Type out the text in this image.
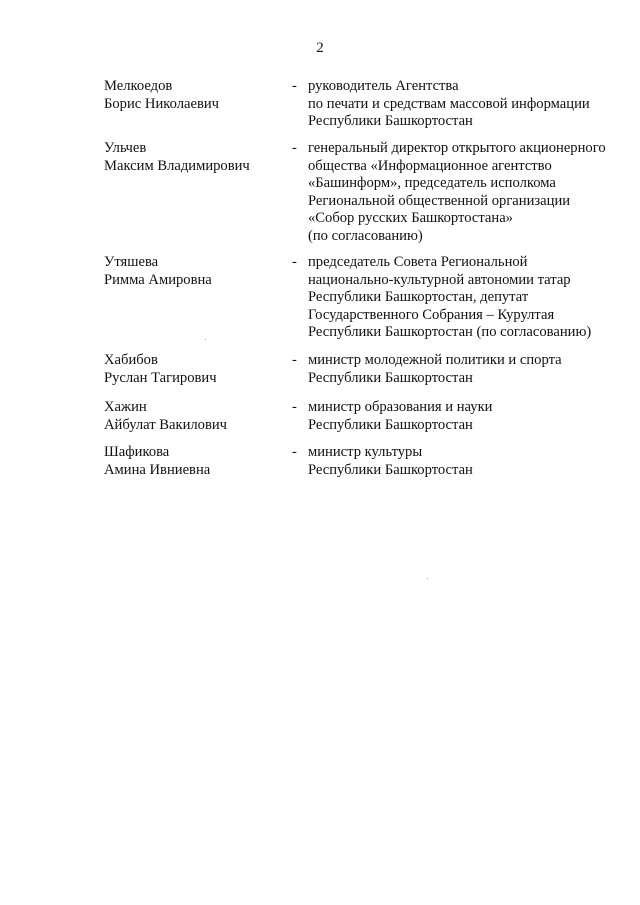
2
Мелкоедов
Борис Николаевич
- руководитель Агентства
по печати и средствам массовой информации
Республики Башкортостан
Ульчев
Максим Владимирович
- генеральный директор открытого акционерного
общества «Информационное агентство
«Башинформ», председатель исполкома
Региональной общественной организации
«Собор русских Башкортостана»
(по согласованию)
Утяшева
Римма Амировна
- председатель Совета Региональной
национально-культурной автономии татар
Республики Башкортостан, депутат
Государственного Собрания – Курултая
Республики Башкортостан (по согласованию)
Хабибов
Руслан Тагирович
- министр молодежной политики и спорта
Республики Башкортостан
Хажин
Айбулат Вакилович
- министр образования и науки
Республики Башкортостан
Шафикова
Амина Ивниевна
- министр культуры
Республики Башкортостан
